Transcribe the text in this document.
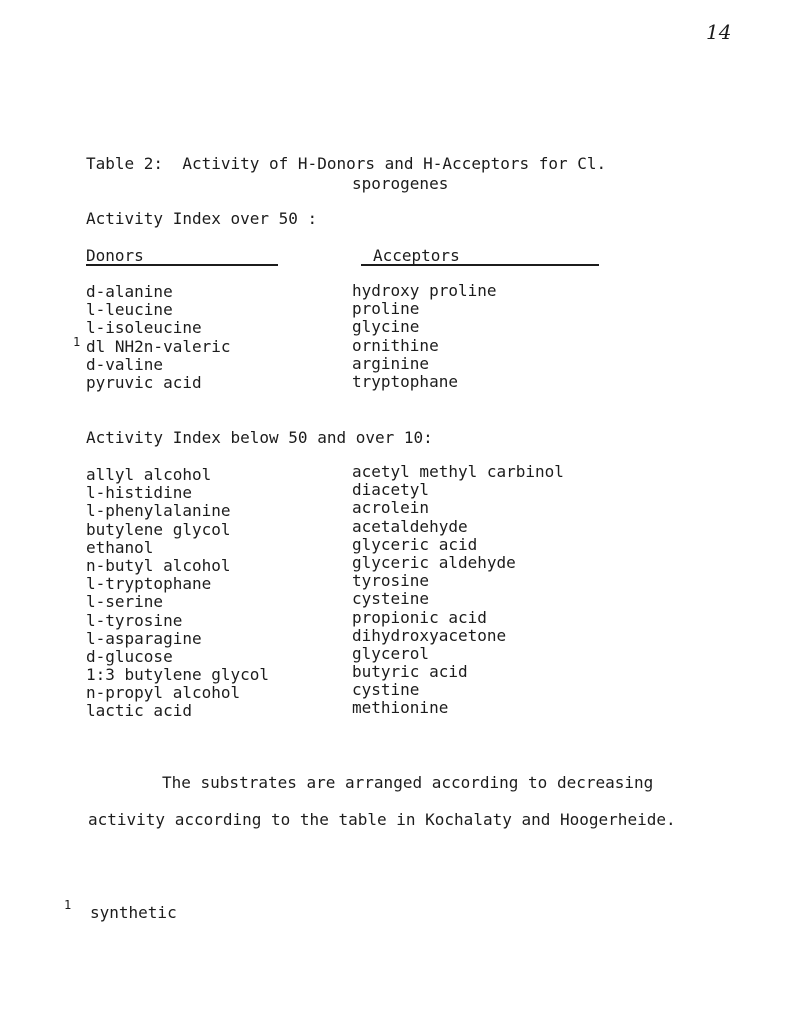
14
Table 2: Activity of H-Donors and H-Acceptors for Cl.
sporogenes
Activity Index over 50 :
Donors	Acceptors
d-alanine
l-leucine
l-isoleucine
dl NH2n-valeric
d-valine
pyruvic acid
1
hydroxy proline
proline
glycine
ornithine
arginine
tryptophane
Activity Index below 50 and over 10:
allyl alcohol
l-histidine
l-phenylalanine
butylene glycol
ethanol
n-butyl alcohol
l-tryptophane
l-serine
l-tyrosine
l-asparagine
d-glucose
1:3 butylene glycol
n-propyl alcohol
lactic acid
acetyl methyl carbinol
diacetyl
acrolein
acetaldehyde
glyceric acid
glyceric aldehyde
tyrosine
cysteine
propionic acid
dihydroxyacetone
glycerol
butyric acid
cystine
methionine
The substrates are arranged according to decreasing
activity according to the table in Kochalaty and Hoogerheide.
1 synthetic
